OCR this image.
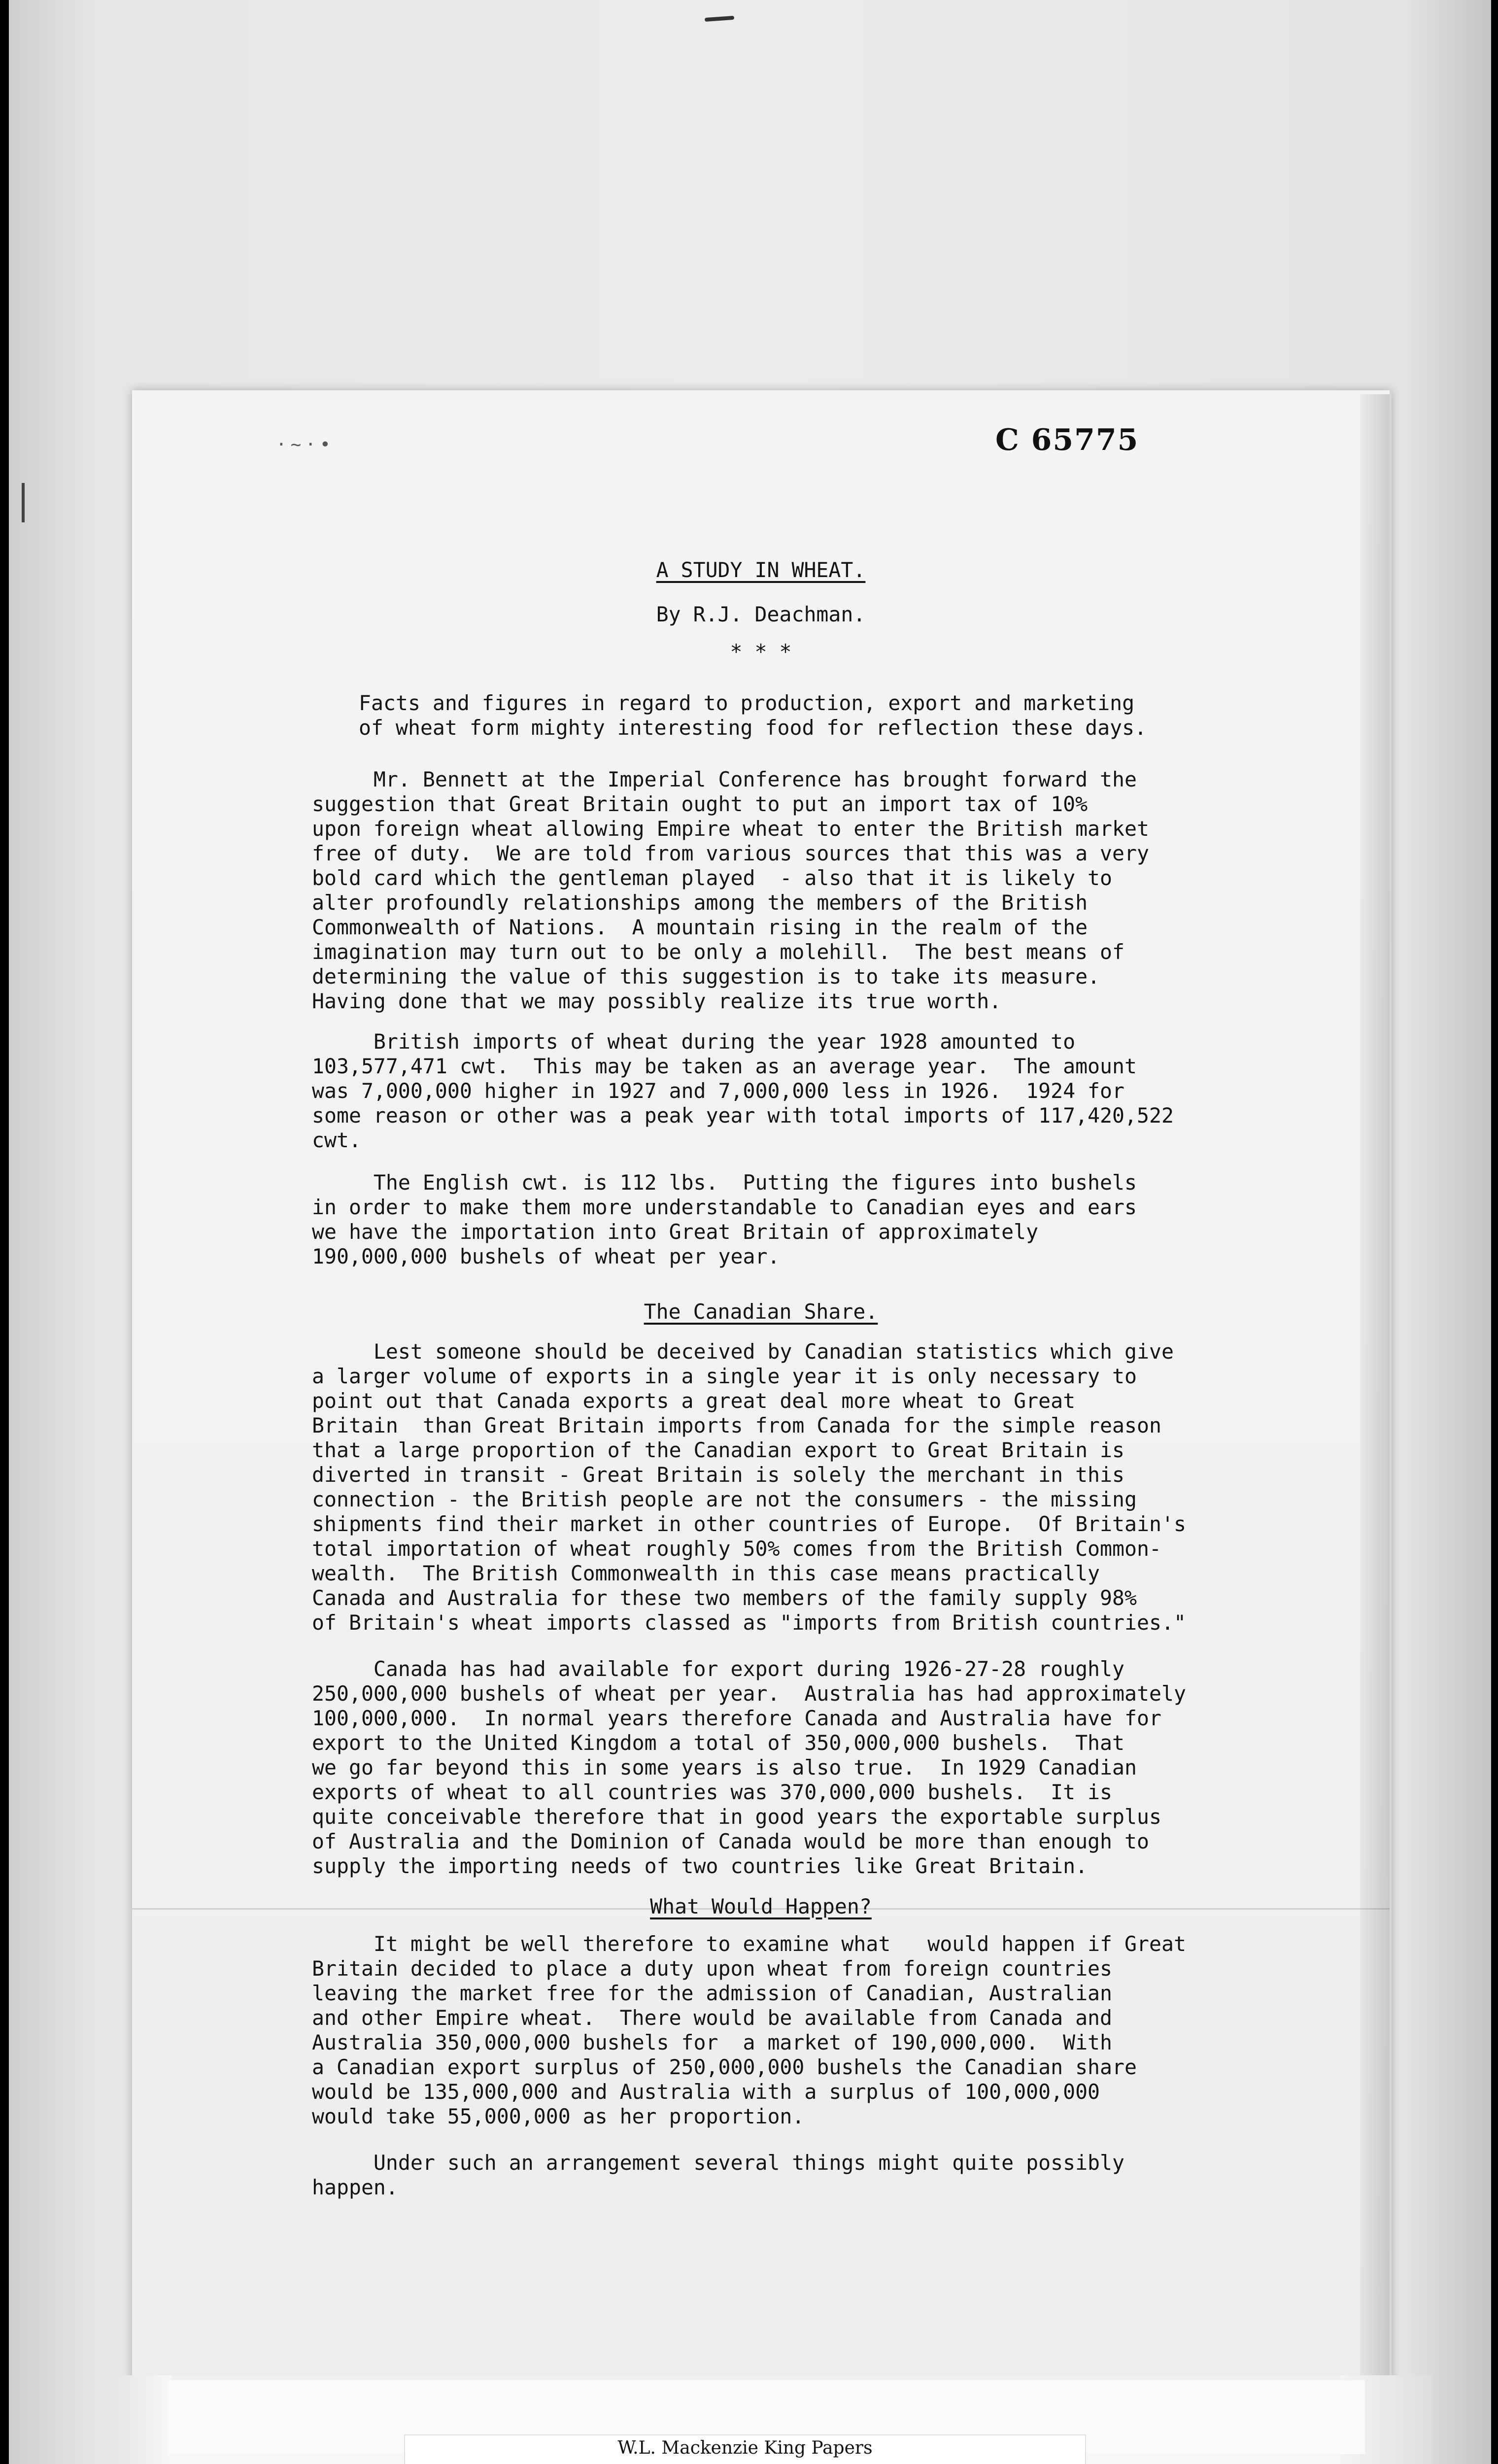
·~·•

A STUDY IN WHEAT.

By R.J. Deachman.

* * *

Facts and figures in regard to production, export and marketing
of wheat form mighty interesting food for reflection these days.

Mr. Bennett at the Imperial Conference has brought forward the
suggestion that Great Britain ought to put an import tax of 10%
upon foreign wheat allowing Empire wheat to enter the British market
free of duty.  We are told from various sources that this was a very
bold card which the gentleman played  - also that it is likely to
alter profoundly relationships among the members of the British
Commonwealth of Nations.  A mountain rising in the realm of the
imagination may turn out to be only a molehill.  The best means of
determining the value of this suggestion is to take its measure.
Having done that we may possibly realize its true worth.

British imports of wheat during the year 1928 amounted to
103,577,471 cwt.  This may be taken as an average year.  The amount
was 7,000,000 higher in 1927 and 7,000,000 less in 1926.  1924 for
some reason or other was a peak year with total imports of 117,420,522
cwt.

The English cwt. is 112 lbs.  Putting the figures into bushels
in order to make them more understandable to Canadian eyes and ears
we have the importation into Great Britain of approximately
190,000,000 bushels of wheat per year.

The Canadian Share.

Lest someone should be deceived by Canadian statistics which give
a larger volume of exports in a single year it is only necessary to
point out that Canada exports a great deal more wheat to Great
Britain  than Great Britain imports from Canada for the simple reason
that a large proportion of the Canadian export to Great Britain is
diverted in transit - Great Britain is solely the merchant in this
connection - the British people are not the consumers - the missing
shipments find their market in other countries of Europe.  Of Britain's
total importation of wheat roughly 50% comes from the British Common-
wealth.  The British Commonwealth in this case means practically
Canada and Australia for these two members of the family supply 98%
of Britain's wheat imports classed as "imports from British countries."

Canada has had available for export during 1926-27-28 roughly
250,000,000 bushels of wheat per year.  Australia has had approximately
100,000,000.  In normal years therefore Canada and Australia have for
export to the United Kingdom a total of 350,000,000 bushels.  That
we go far beyond this in some years is also true.  In 1929 Canadian
exports of wheat to all countries was 370,000,000 bushels.  It is
quite conceivable therefore that in good years the exportable surplus
of Australia and the Dominion of Canada would be more than enough to
supply the importing needs of two countries like Great Britain.

What Would Happen?

It might be well therefore to examine what   would happen if Great
Britain decided to place a duty upon wheat from foreign countries
leaving the market free for the admission of Canadian, Australian
and other Empire wheat.  There would be available from Canada and
Australia 350,000,000 bushels for  a market of 190,000,000.  With
a Canadian export surplus of 250,000,000 bushels the Canadian share
would be 135,000,000 and Australia with a surplus of 100,000,000
would take 55,000,000 as her proportion.

Under such an arrangement several things might quite possibly
happen.

C 65775
W.L. Mackenzie King Papers
